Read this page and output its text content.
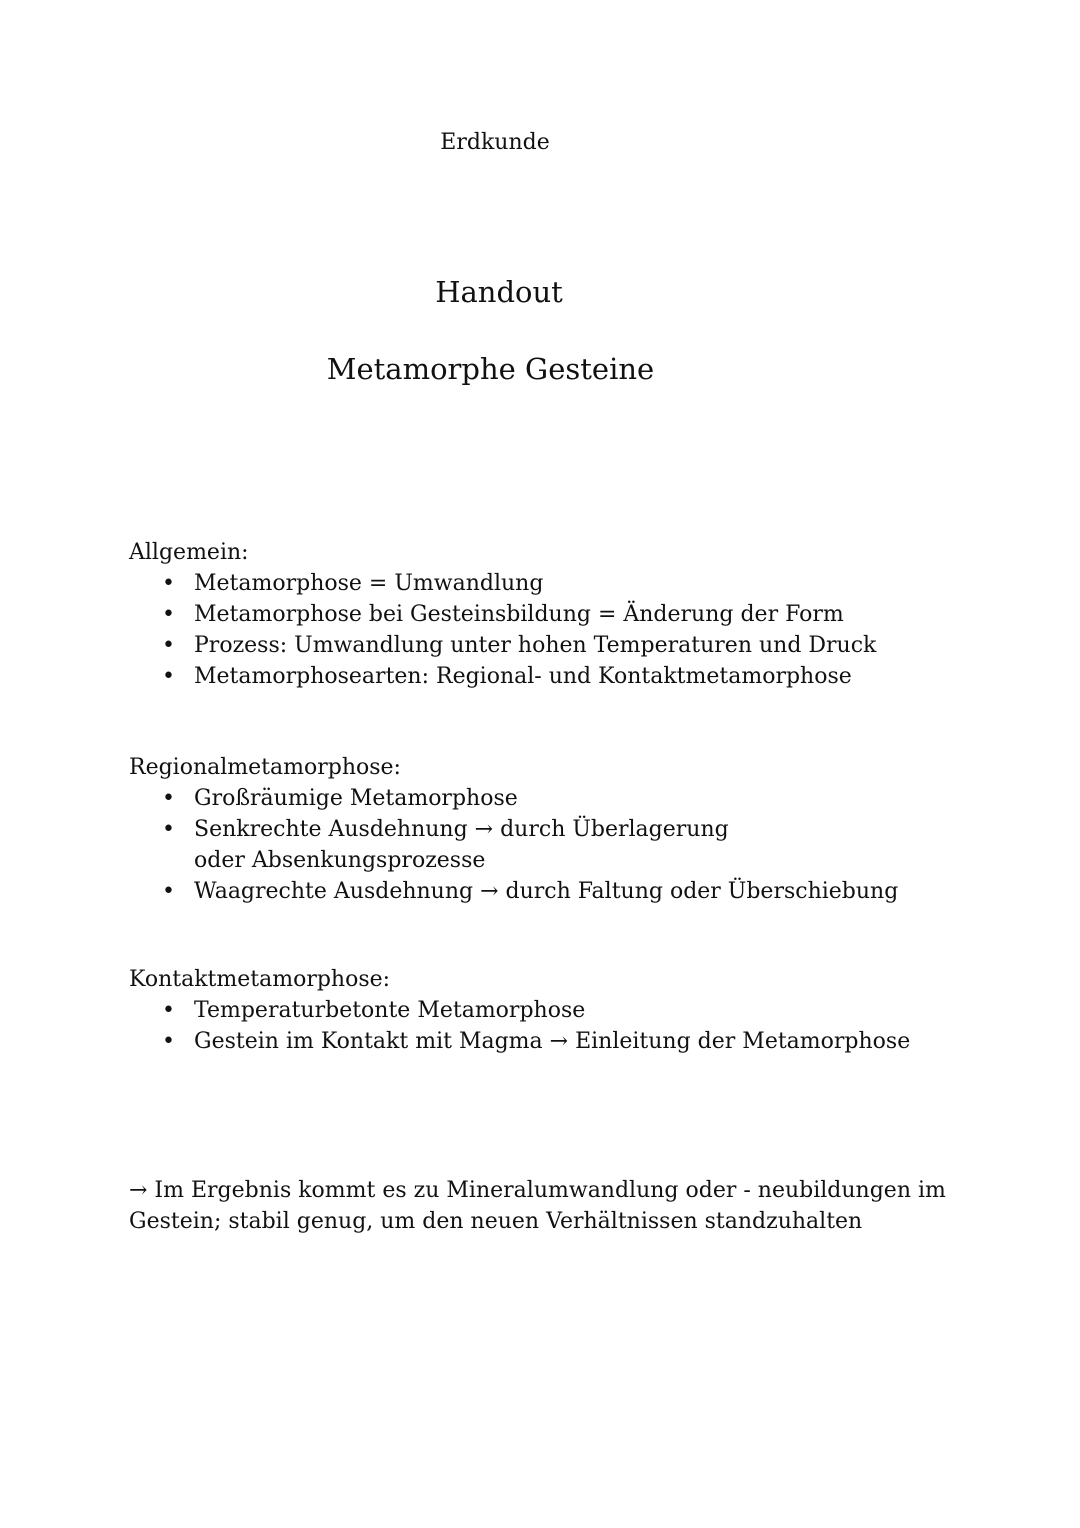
Erdkunde
Handout
Metamorphe Gesteine

Allgemein:

• Metamorphose = Umwandlung
• Metamorphose bei Gesteinsbildung = Änderung der Form
• Prozess: Umwandlung unter hohen Temperaturen und Druck
• Metamorphosearten: Regional- und Kontaktmetamorphose

Regionalmetamorphose:

• Großräumige Metamorphose
• Senkrechte Ausdehnung → durch Überlagerung oder Absenkungsprozesse
• Waagrechte Ausdehnung → durch Faltung oder Überschiebung

Kontaktmetamorphose:

• Temperaturbetonte Metamorphose
• Gestein im Kontakt mit Magma → Einleitung der Metamorphose
→ Im Ergebnis kommt es zu Mineralumwandlung oder - neubildungen im Gestein; stabil genug, um den neuen Verhältnissen standzuhalten
